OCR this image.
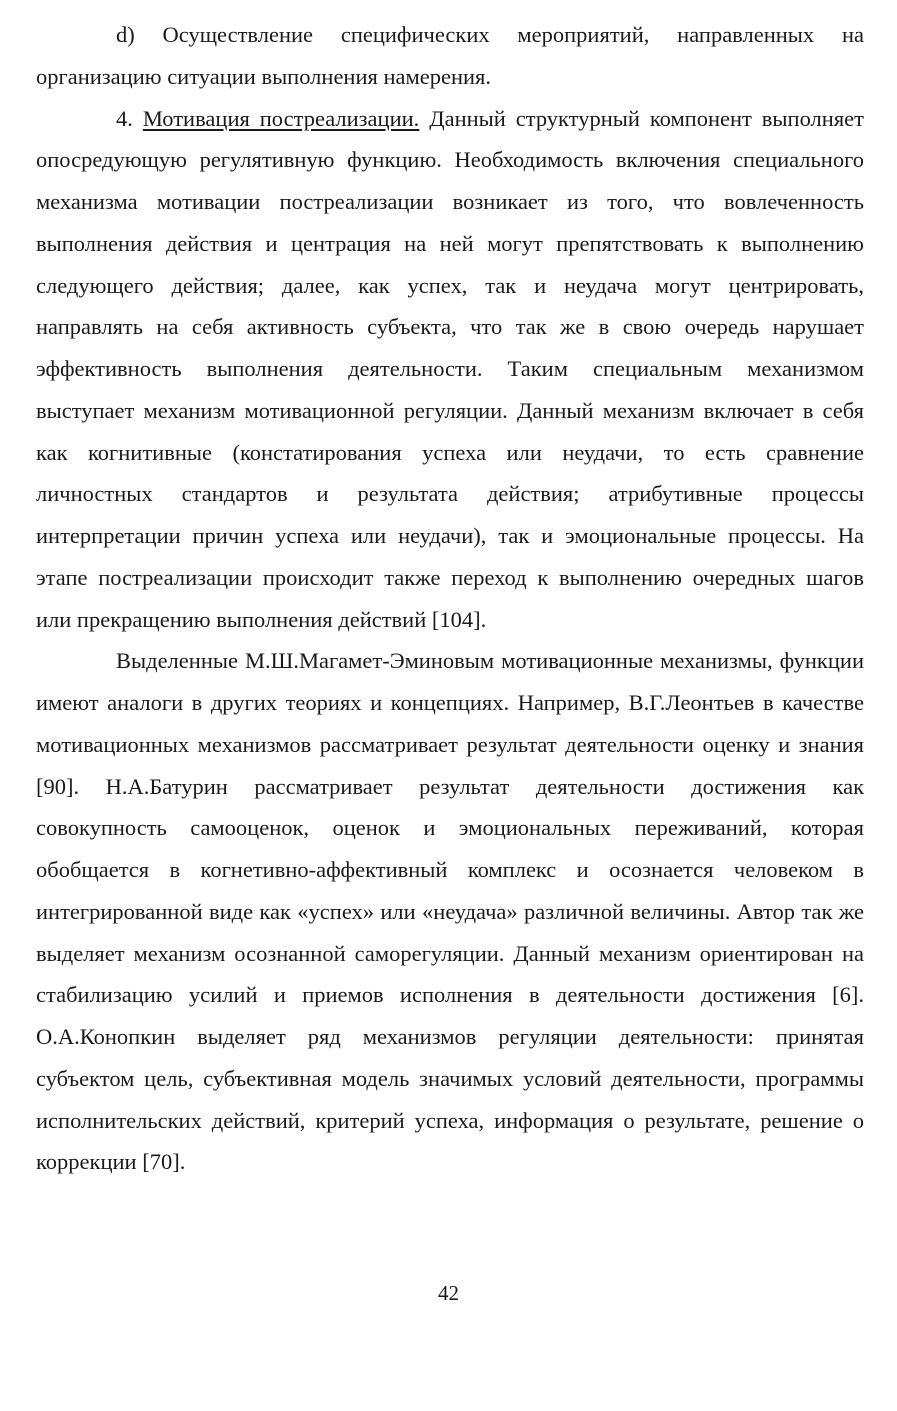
d) Осуществление специфических мероприятий, направленных на организацию ситуации выполнения намерения.

4. Мотивация постреализации. Данный структурный компонент выполняет опосредующую регулятивную функцию. Необходимость включения специального механизма мотивации постреализации возникает из того, что вовлеченность выполнения действия и центрация на ней могут препятствовать к выполнению следующего действия; далее, как успех, так и неудача могут центрировать, направлять на себя активность субъекта, что так же в свою очередь нарушает эффективность выполнения деятельности. Таким специальным механизмом выступает механизм мотивационной регуляции. Данный механизм включает в себя как когнитивные (констатирования успеха или неудачи, то есть сравнение личностных стандартов и результата действия; атрибутивные процессы интерпретации причин успеха или неудачи), так и эмоциональные процессы. На этапе постреализации происходит также переход к выполнению очередных шагов или прекращению выполнения действий [104].

Выделенные М.Ш.Магамет-Эминовым мотивационные механизмы, функции имеют аналоги в других теориях и концепциях. Например, В.Г.Леонтьев в качестве мотивационных механизмов рассматривает результат деятельности оценку и знания [90]. Н.А.Батурин рассматривает результат деятельности достижения как совокупность самооценок, оценок и эмоциональных переживаний, которая обобщается в когнетивно-аффективный комплекс и осознается человеком в интегрированной виде как «успех» или «неудача» различной величины. Автор так же выделяет механизм осознанной саморегуляции. Данный механизм ориентирован на стабилизацию усилий и приемов исполнения в деятельности достижения [6]. О.А.Конопкин выделяет ряд механизмов регуляции деятельности: принятая субъектом цель, субъективная модель значимых условий деятельности, программы исполнительских действий, критерий успеха, информация о результате, решение о коррекции [70].

42
